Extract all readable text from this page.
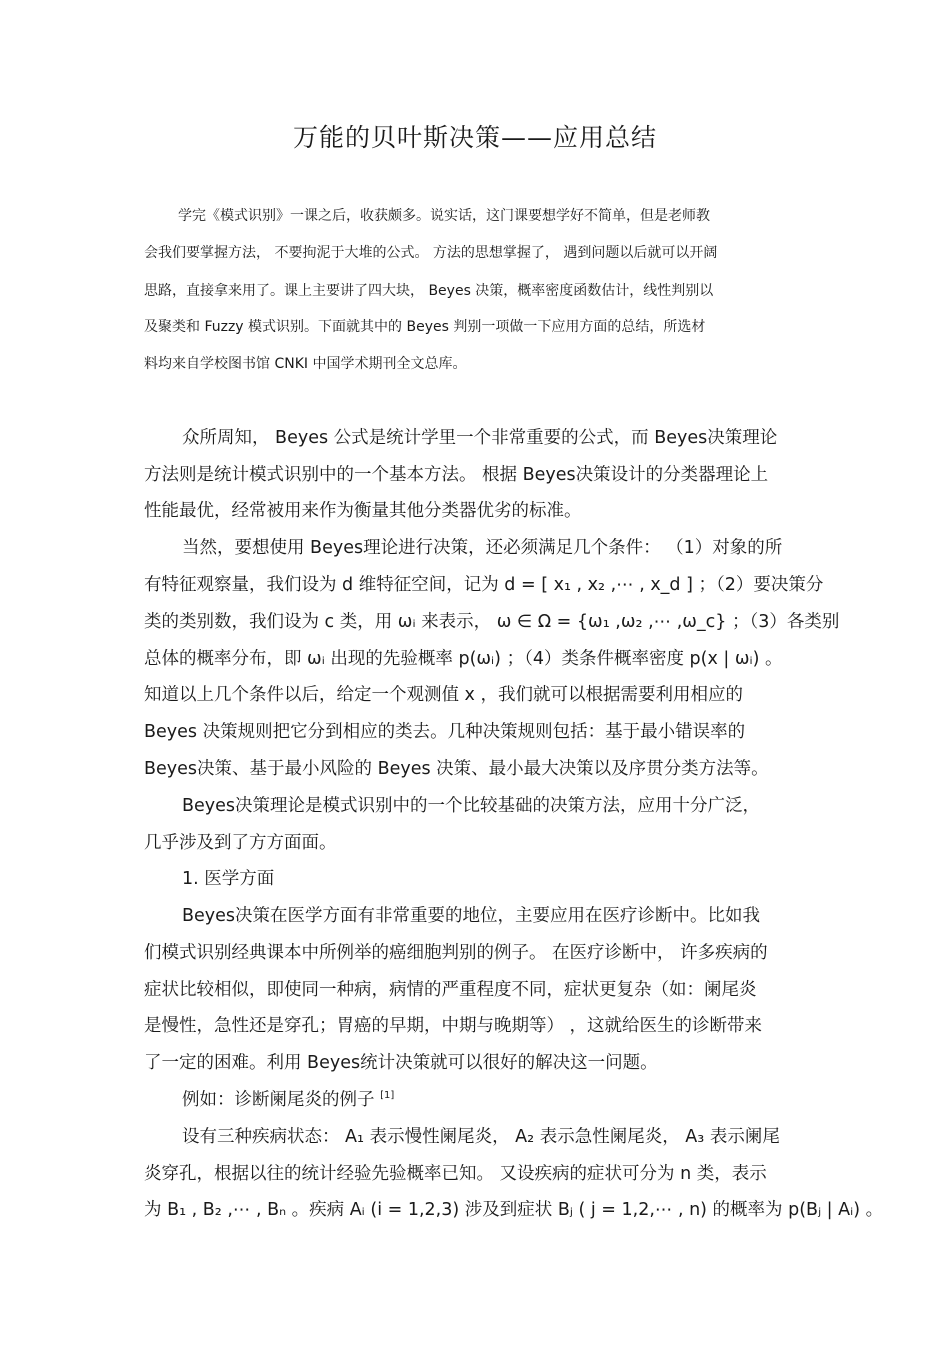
万能的贝叶斯决策——应用总结
学完《模式识别》一课之后，收获颇多。说实话，这门课要想学好不简单，但是老师教
会我们要掌握方法， 不要拘泥于大堆的公式。 方法的思想掌握了， 遇到问题以后就可以开阔
思路，直接拿来用了。课上主要讲了四大块， Beyes 决策，概率密度函数估计，线性判别以
及聚类和 Fuzzy 模式识别。下面就其中的 Beyes 判别一项做一下应用方面的总结，所选材
料均来自学校图书馆 CNKI 中国学术期刊全文总库。
众所周知， Beyes 公式是统计学里一个非常重要的公式，而 Beyes决策理论
方法则是统计模式识别中的一个基本方法。 根据 Beyes决策设计的分类器理论上
性能最优，经常被用来作为衡量其他分类器优劣的标准。
当然，要想使用 Beyes理论进行决策，还必须满足几个条件： （1）对象的所
有特征观察量，我们设为 d 维特征空间，记为 d = [ x₁ , x₂ ,⋯ , x_d ] ；（2）要决策分
类的类别数，我们设为 c 类，用 ωᵢ 来表示， ω ∈ Ω = {ω₁ ,ω₂ ,⋯ ,ω_c} ；（3）各类别
总体的概率分布，即 ωᵢ 出现的先验概率 p(ωᵢ) ；（4）类条件概率密度 p(x | ωᵢ) 。
知道以上几个条件以后，给定一个观测值 x ，我们就可以根据需要利用相应的
Beyes 决策规则把它分到相应的类去。几种决策规则包括：基于最小错误率的
Beyes决策、基于最小风险的 Beyes 决策、最小最大决策以及序贯分类方法等。
Beyes决策理论是模式识别中的一个比较基础的决策方法，应用十分广泛，
几乎涉及到了方方面面。
1. 医学方面
Beyes决策在医学方面有非常重要的地位，主要应用在医疗诊断中。比如我
们模式识别经典课本中所例举的癌细胞判别的例子。 在医疗诊断中， 许多疾病的
症状比较相似，即使同一种病，病情的严重程度不同，症状更复杂（如：阑尾炎
是慢性，急性还是穿孔；胃癌的早期，中期与晚期等） ，这就给医生的诊断带来
了一定的困难。利用 Beyes统计决策就可以很好的解决这一问题。
例如：诊断阑尾炎的例子 [1]
设有三种疾病状态： A₁ 表示慢性阑尾炎， A₂ 表示急性阑尾炎， A₃ 表示阑尾
炎穿孔，根据以往的统计经验先验概率已知。 又设疾病的症状可分为 n 类，表示
为 B₁ , B₂ ,⋯ , Bₙ 。疾病 Aᵢ (i = 1,2,3) 涉及到症状 Bⱼ ( j = 1,2,⋯ , n) 的概率为 p(Bⱼ | Aᵢ) 。
